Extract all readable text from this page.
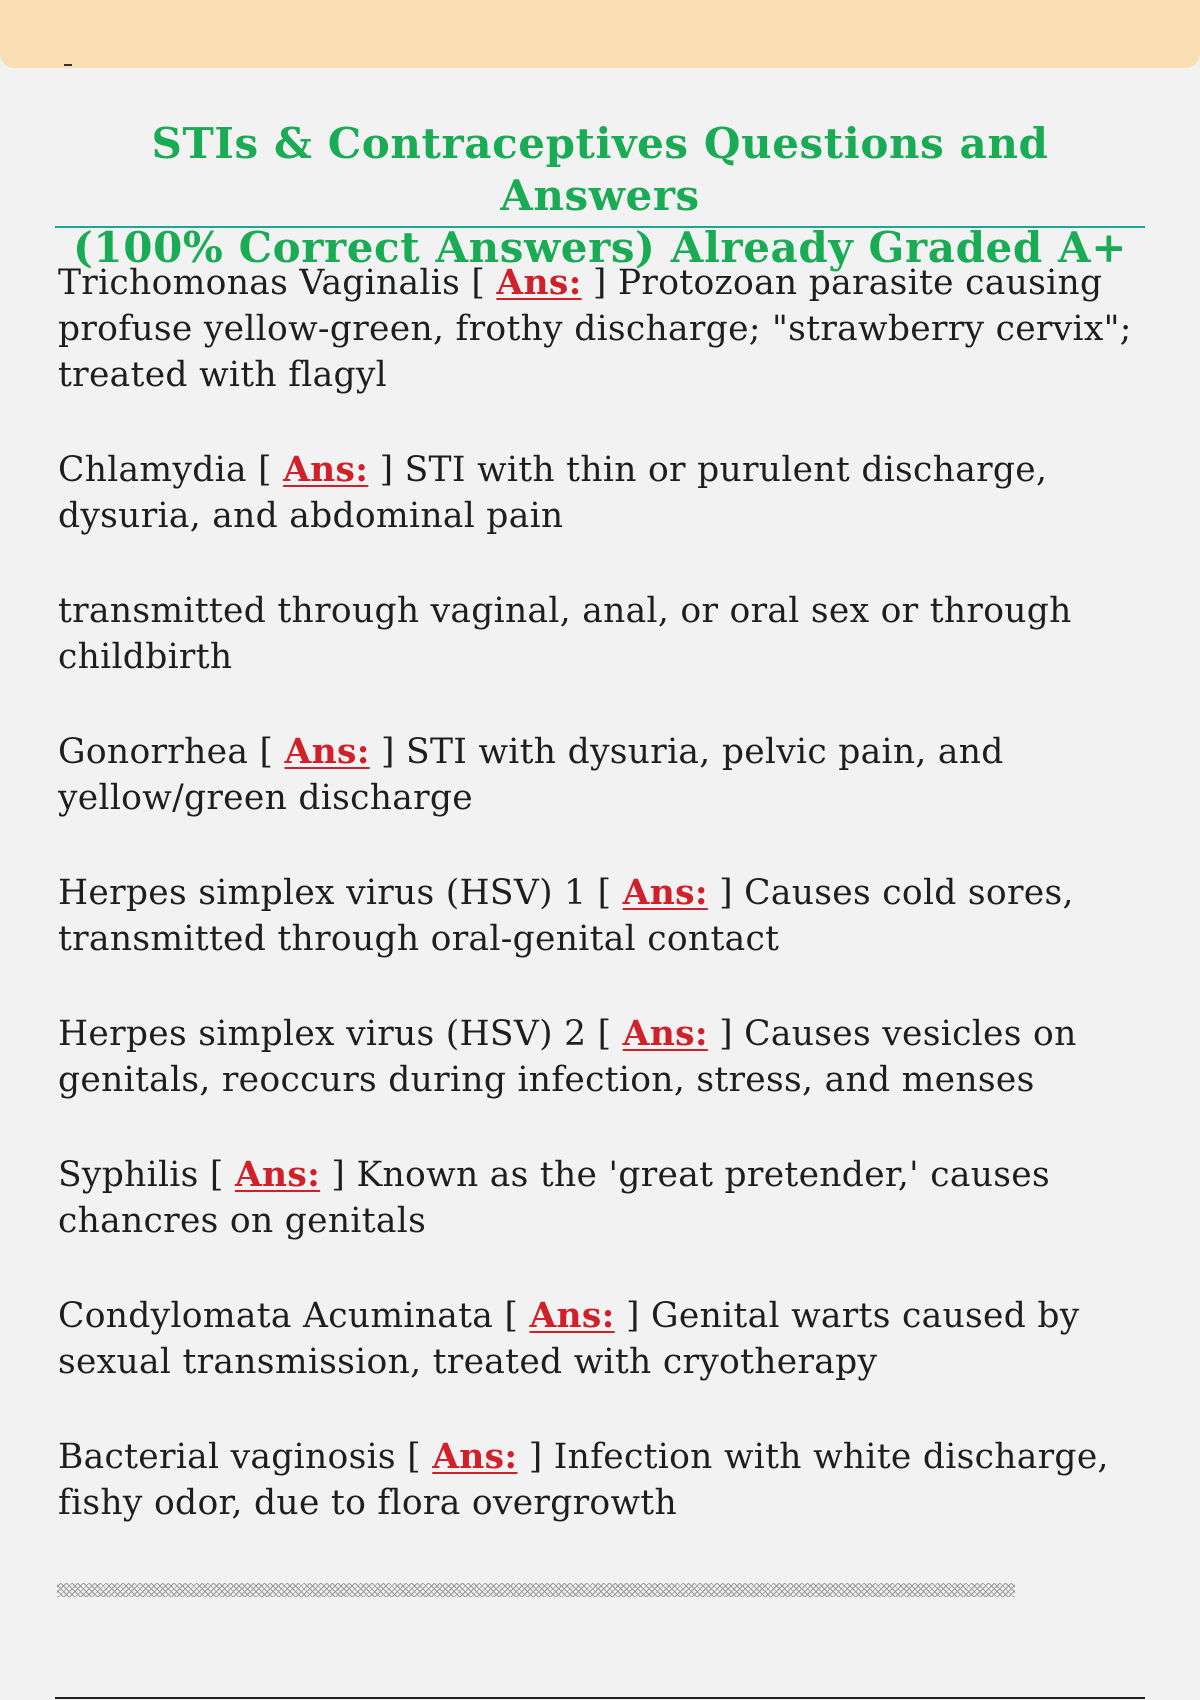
STIs & Contraceptives Questions and Answers
(100% Correct Answers) Already Graded A+

Trichomonas Vaginalis [ Ans: ] Protozoan parasite causing profuse yellow-green, frothy discharge; "strawberry cervix"; treated with flagyl

Chlamydia [ Ans: ] STI with thin or purulent discharge, dysuria, and abdominal pain

transmitted through vaginal, anal, or oral sex or through childbirth

Gonorrhea [ Ans: ] STI with dysuria, pelvic pain, and yellow/green discharge

Herpes simplex virus (HSV) 1 [ Ans: ] Causes cold sores, transmitted through oral-genital contact

Herpes simplex virus (HSV) 2 [ Ans: ] Causes vesicles on genitals, reoccurs during infection, stress, and menses

Syphilis [ Ans: ] Known as the 'great pretender,' causes chancres on genitals

Condylomata Acuminata [ Ans: ] Genital warts caused by sexual transmission, treated with cryotherapy

Bacterial vaginosis [ Ans: ] Infection with white discharge, fishy odor, due to flora overgrowth
